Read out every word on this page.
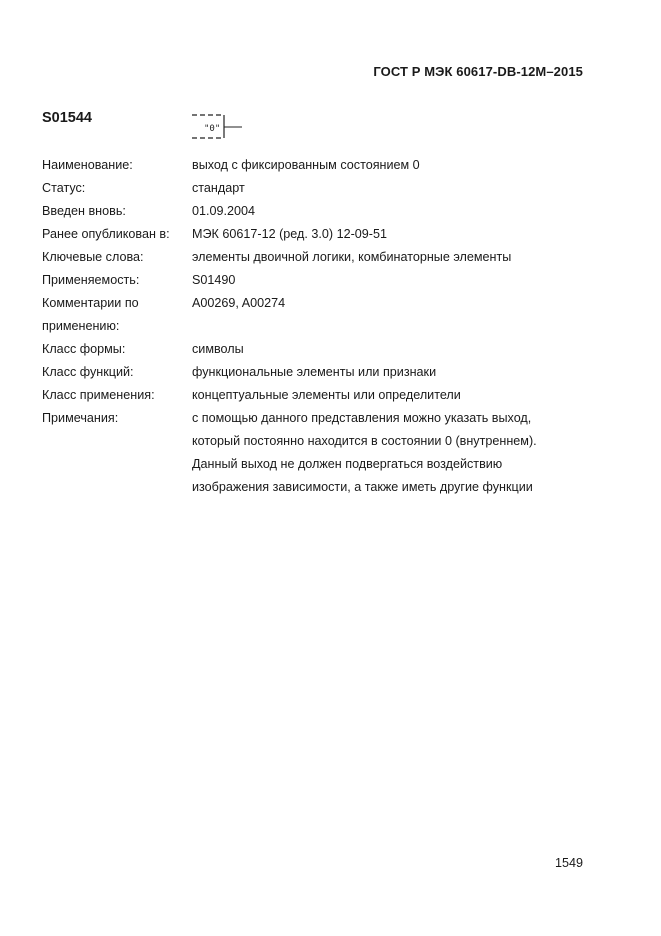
ГОСТ Р МЭК 60617-DB-12M–2015
S01544
"0"
Наименование:	выход с фиксированным состоянием 0
Статус:	стандарт
Введен вновь:	01.09.2004
Ранее опубликован в:	МЭК 60617-12 (ред. 3.0) 12-09-51
Ключевые слова:	элементы двоичной логики, комбинаторные элементы
Применяемость:	S01490
Комментарии по	A00269, A00274
применению:
Класс формы:	символы
Класс функций:	функциональные элементы или признаки
Класс применения:	концептуальные элементы или определители
Примечания:	с помощью данного представления можно указать выход,
который постоянно находится в состоянии 0 (внутреннем).
Данный выход не должен подвергаться воздействию
изображения зависимости, а также иметь другие функции
1549
